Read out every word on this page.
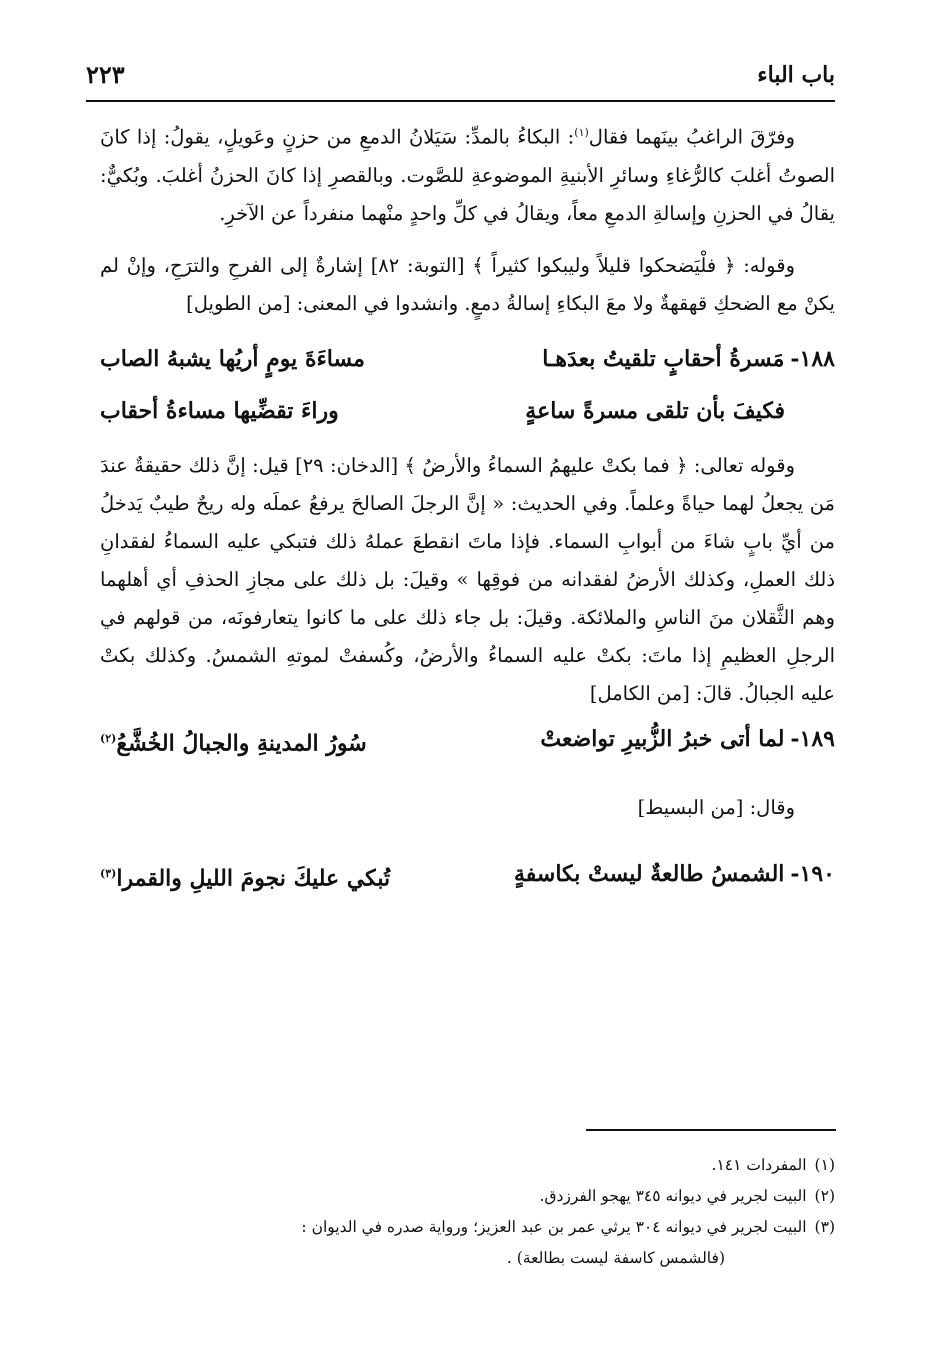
باب الباء
٢٢٣

وفرّقَ الراغبُ بينَهما فقال$^{(١)}$: البكاءُ بالمدِّ: سَيَلانُ الدمعِ من حزنٍ وعَويلٍ، يقولُ: إذا كانَ الصوتُ أغلبَ كالرُّغاءِ وسائرِ الأبنيةِ الموضوعةِ للصَّوت. وبالقصرِ إذا كانَ الحزنُ أغلبَ. وبُكيٌّ: يقالُ في الحزنِ وإسالةِ الدمعِ معاً، ويقالُ في كلِّ واحدٍ منْهما منفرداً عن الآخرِ.

وقوله: ﴿ فلْيَضحكوا قليلاً وليبكوا كثيراً ﴾ [التوبة: ٨٢] إشارةٌ إلى الفرحِ والترَحِ، وإنْ لم يكنْ مع الضحكِ قهقهةٌ ولا معَ البكاءِ إسالةُ دمعٍ. وانشدوا في المعنى: [من الطويل]

١٨٨-مَسرةُ أحقابٍ تلقيتُ بعدَهـا
مساءَةَ يومٍ أريُها يشبهُ الصاب
فكيفَ بأن تلقى مسرةً ساعةٍ
وراءَ تقضِّيها مساءةُ أحقاب

وقوله تعالى: ﴿ فما بكتْ عليهمُ السماءُ والأرضُ ﴾ [الدخان: ٢٩] قيل: إنَّ ذلك حقيقةٌ عندَ مَن يجعلُ لهما حياةً وعلماً. وفي الحديث: « إنَّ الرجلَ الصالحَ يرفعُ عملَه وله ريحٌ طيبٌ يَدخلُ من أيِّ بابٍ شاءَ من أبوابِ السماء. فإذا ماتَ انقطعَ عملهُ ذلك فتبكي عليه السماءُ لفقدانِ ذلك العملِ، وكذلك الأرضُ لفقدانه من فوقِها » وقيلَ: بل ذلك على مجازِ الحذفِ أي أهلهما وهم الثَّقلان منَ الناسِ والملائكة. وقيلَ: بل جاء ذلك على ما كانوا يتعارفونَه، من قولهم في الرجلِ العظيمِ إذا ماتَ: بكتْ عليه السماءُ والأرضُ، وكُسفتْ لموتهِ الشمسُ. وكذلك بكتْ عليه الجبالُ. قالَ: [من الكامل]

١٨٩-لما أتى خبرُ الزُّبيرِ تواضعتْ
سُورُ المدينةِ والجبالُ الخُشَّعُ$^{(٢)}$

وقال: [من البسيط]

١٩٠-الشمسُ طالعةٌ ليستْ بكاسفةٍ
تُبكي عليكَ نجومَ الليلِ والقمرا$^{(٣)}$

(١)المفردات ١٤١.

(٢)البيت لجرير في ديوانه ٣٤٥ يهجو الفرزدق.

(٣)البيت لجرير في ديوانه ٣٠٤ يرثي عمر بن عبد العزيز؛ ورواية صدره في الديوان :

(فالشمس كاسفة ليست بطالعة) .
